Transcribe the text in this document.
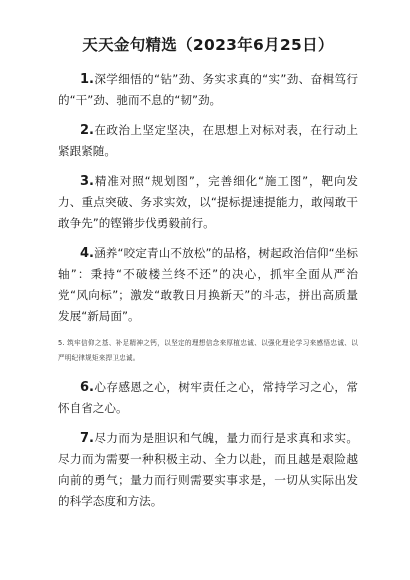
天天金句精选（2023年6月25日）

1.深学细悟的“钻”劲、务实求真的“实”劲、奋楫笃行的“干”劲、驰而不息的“韧”劲。

2.在政治上坚定坚决，在思想上对标对表，在行动上紧跟紧随。

3.精准对照“规划图”，完善细化“施工图”，靶向发力、重点突破、务求实效，以“提标提速提能力，敢闯敢干敢争先”的铿锵步伐勇毅前行。

4.涵养“咬定青山不放松”的品格，树起政治信仰“坐标轴”：秉持“不破楼兰终不还”的决心，抓牢全面从严治党“风向标”；激发“敢教日月换新天”的斗志，拼出高质量发展“新局面”。

5. 筑牢信仰之基、补足精神之钙，以坚定的理想信念来厚植忠诚、以强化理论学习来感悟忠诚、以严明纪律规矩来捍卫忠诚。

6.心存感恩之心，树牢责任之心，常持学习之心，常怀自省之心。

7.尽力而为是胆识和气魄，量力而行是求真和求实。尽力而为需要一种积极主动、全力以赴，而且越是艰险越向前的勇气；量力而行则需要实事求是，一切从实际出发的科学态度和方法。
